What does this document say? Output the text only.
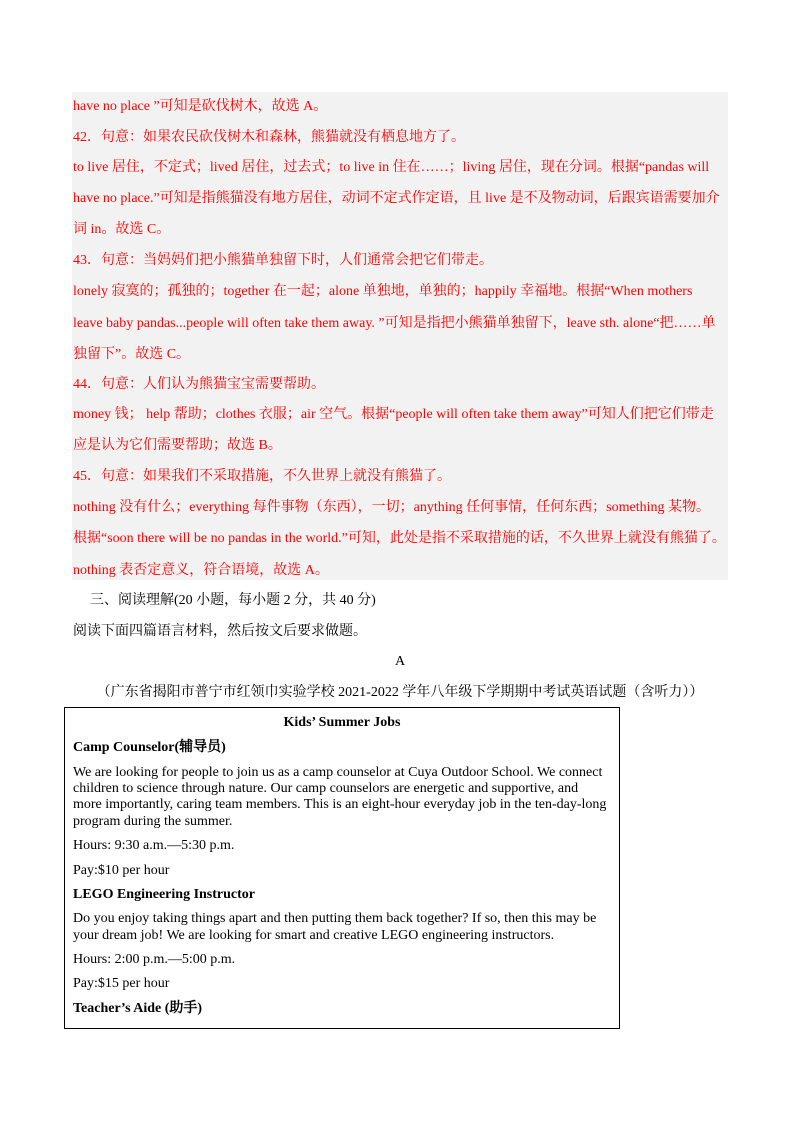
have no place ”可知是砍伐树木，故选 A。
42．句意：如果农民砍伐树木和森林，熊猫就没有栖息地方了。
to live 居住，不定式；lived 居住，过去式；to live in 住在……；living 居住，现在分词。根据“pandas will
have no place.”可知是指熊猫没有地方居住，动词不定式作定语，且 live 是不及物动词，后跟宾语需要加介
词 in。故选 C。
43．句意：当妈妈们把小熊猫单独留下时，人们通常会把它们带走。
lonely 寂寞的；孤独的；together 在一起；alone 单独地，单独的；happily 幸福地。根据“When mothers
leave baby pandas...people will often take them away. ”可知是指把小熊猫单独留下，leave sth. alone“把……单
独留下”。故选 C。
44．句意：人们认为熊猫宝宝需要帮助。
money 钱； help 帮助；clothes 衣服；air 空气。根据“people will often take them away”可知人们把它们带走
应是认为它们需要帮助；故选 B。
45．句意：如果我们不采取措施，不久世界上就没有熊猫了。
nothing 没有什么；everything 每件事物（东西），一切；anything 任何事情，任何东西；something 某物。
根据“soon there will be no pandas in the world.”可知，此处是指不采取措施的话，不久世界上就没有熊猫了。
nothing 表否定意义，符合语境，故选 A。
三、阅读理解(20 小题，每小题 2 分，共 40 分)
阅读下面四篇语言材料，然后按文后要求做题。
A
（广东省揭阳市普宁市红领巾实验学校 2021-2022 学年八年级下学期期中考试英语试题（含听力））
Kids’ Summer Jobs
Camp Counselor(辅导员)
We are looking for people to join us as a camp counselor at Cuya Outdoor School. We connect
children to science through nature. Our camp counselors are energetic and supportive, and
more importantly, caring team members. This is an eight-hour everyday job in the ten-day-long
program during the summer.
Hours: 9:30 a.m.—5:30 p.m.
Pay:$10 per hour
LEGO Engineering Instructor
Do you enjoy taking things apart and then putting them back together? If so, then this may be
your dream job! We are looking for smart and creative LEGO engineering instructors.
Hours: 2:00 p.m.—5:00 p.m.
Pay:$15 per hour
Teacher’s Aide (助手)
